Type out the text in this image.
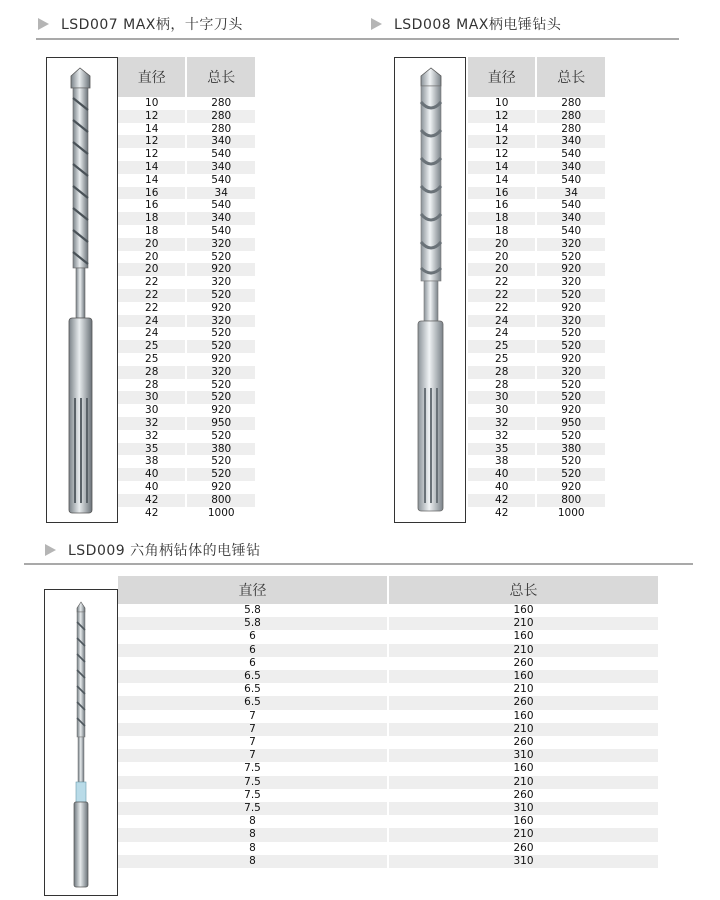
LSD007 MAX柄，十字刀头	LSD008 MAX柄电锤钻头
直径		总长
10		280
12		280
14		280
12		340
12		540
14		340
14		540
16		34
16		540
18		340
18		540
20		320
20		520
20		920
22		320
22		520
22		920
24		320
24		520
25		520
25		920
28		320
28		520
30		520
30		920
32		950
32		520
35		380
38		520
40		520
40		920
42		800
42		1000
直径		总长
10		280
12		280
14		280
12		340
12		540
14		340
14		540
16		34
16		540
18		340
18		540
20		320
20		520
20		920
22		320
22		520
22		920
24		320
24		520
25		520
25		920
28		320
28		520
30		520
30		920
32		950
32		520
35		380
38		520
40		520
40		920
42		800
42		1000
LSD009 六角柄钻体的电锤钻
直径		总长
5.8		160
5.8		210
6		160
6		210
6		260
6.5		160
6.5		210
6.5		260
7		160
7		210
7		260
7		310
7.5		160
7.5		210
7.5		260
7.5		310
8		160
8		210
8		260
8		310
